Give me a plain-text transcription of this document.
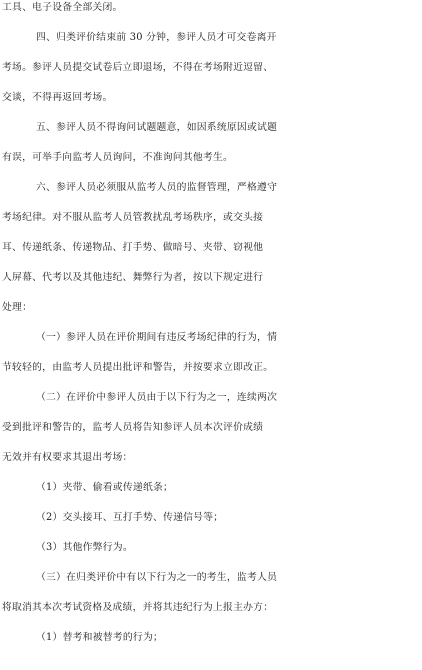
工具、电子设备全部关闭。
四、归类评价结束前 30 分钟，参评人员才可交卷离开
考场。参评人员提交试卷后立即退场，不得在考场附近逗留、
交谈，不得再返回考场。
五、参评人员不得询问试题题意，如因系统原因或试题
有误，可举手向监考人员询问，不准询问其他考生。
六、参评人员必须服从监考人员的监督管理，严格遵守
考场纪律。对不服从监考人员管教扰乱考场秩序，或交头接
耳、传递纸条、传递物品、打手势、做暗号、夹带、窃视他
人屏幕、代考以及其他违纪、舞弊行为者，按以下规定进行
处理：
（一）参评人员在评价期间有违反考场纪律的行为，情
节较轻的，由监考人员提出批评和警告，并按要求立即改正。
（二）在评价中参评人员由于以下行为之一，连续两次
受到批评和警告的，监考人员将告知参评人员本次评价成绩
无效并有权要求其退出考场：
（1）夹带、偷看或传递纸条；
（2）交头接耳、互打手势、传递信号等；
（3）其他作弊行为。
（三）在归类评价中有以下行为之一的考生，监考人员
将取消其本次考试资格及成绩，并将其违纪行为上报主办方：
（1）替考和被替考的行为；
